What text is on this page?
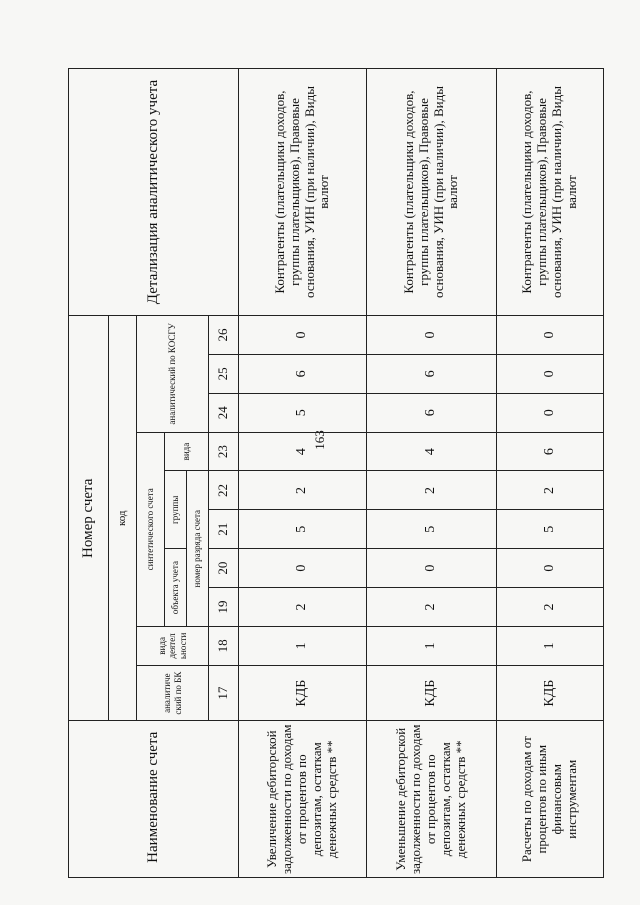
163
Наименование счета	Номер счета										Детализация аналитического учета
	код										
	аналитиче ский по БК	вида деятел ьности	синтетического счета					аналитический по КОСГУ			
			объекта учета		группы		вида				
			номер разряда счета								
	17	18	19	20	21	22	23	24	25	26	
Увеличение дебиторской задолженности по доходам от процентов по депозитам, остаткам денежных средств **	КДБ	1	2	0	5	2	4	5	6	0	Контрагенты (плательщики доходов, группы плательщиков), Правовые основания, УИН (при наличии), Виды валют
Уменьшение дебиторской задолженности по доходам от процентов по депозитам, остаткам денежных средств **	КДБ	1	2	0	5	2	4	6	6	0	Контрагенты (плательщики доходов, группы плательщиков), Правовые основания, УИН (при наличии), Виды валют
Расчеты по доходам от процентов по иным финансовым инструментам	КДБ	1	2	0	5	2	6	0	0	0	Контрагенты (плательщики доходов, группы плательщиков), Правовые основания, УИН (при наличии), Виды валют
